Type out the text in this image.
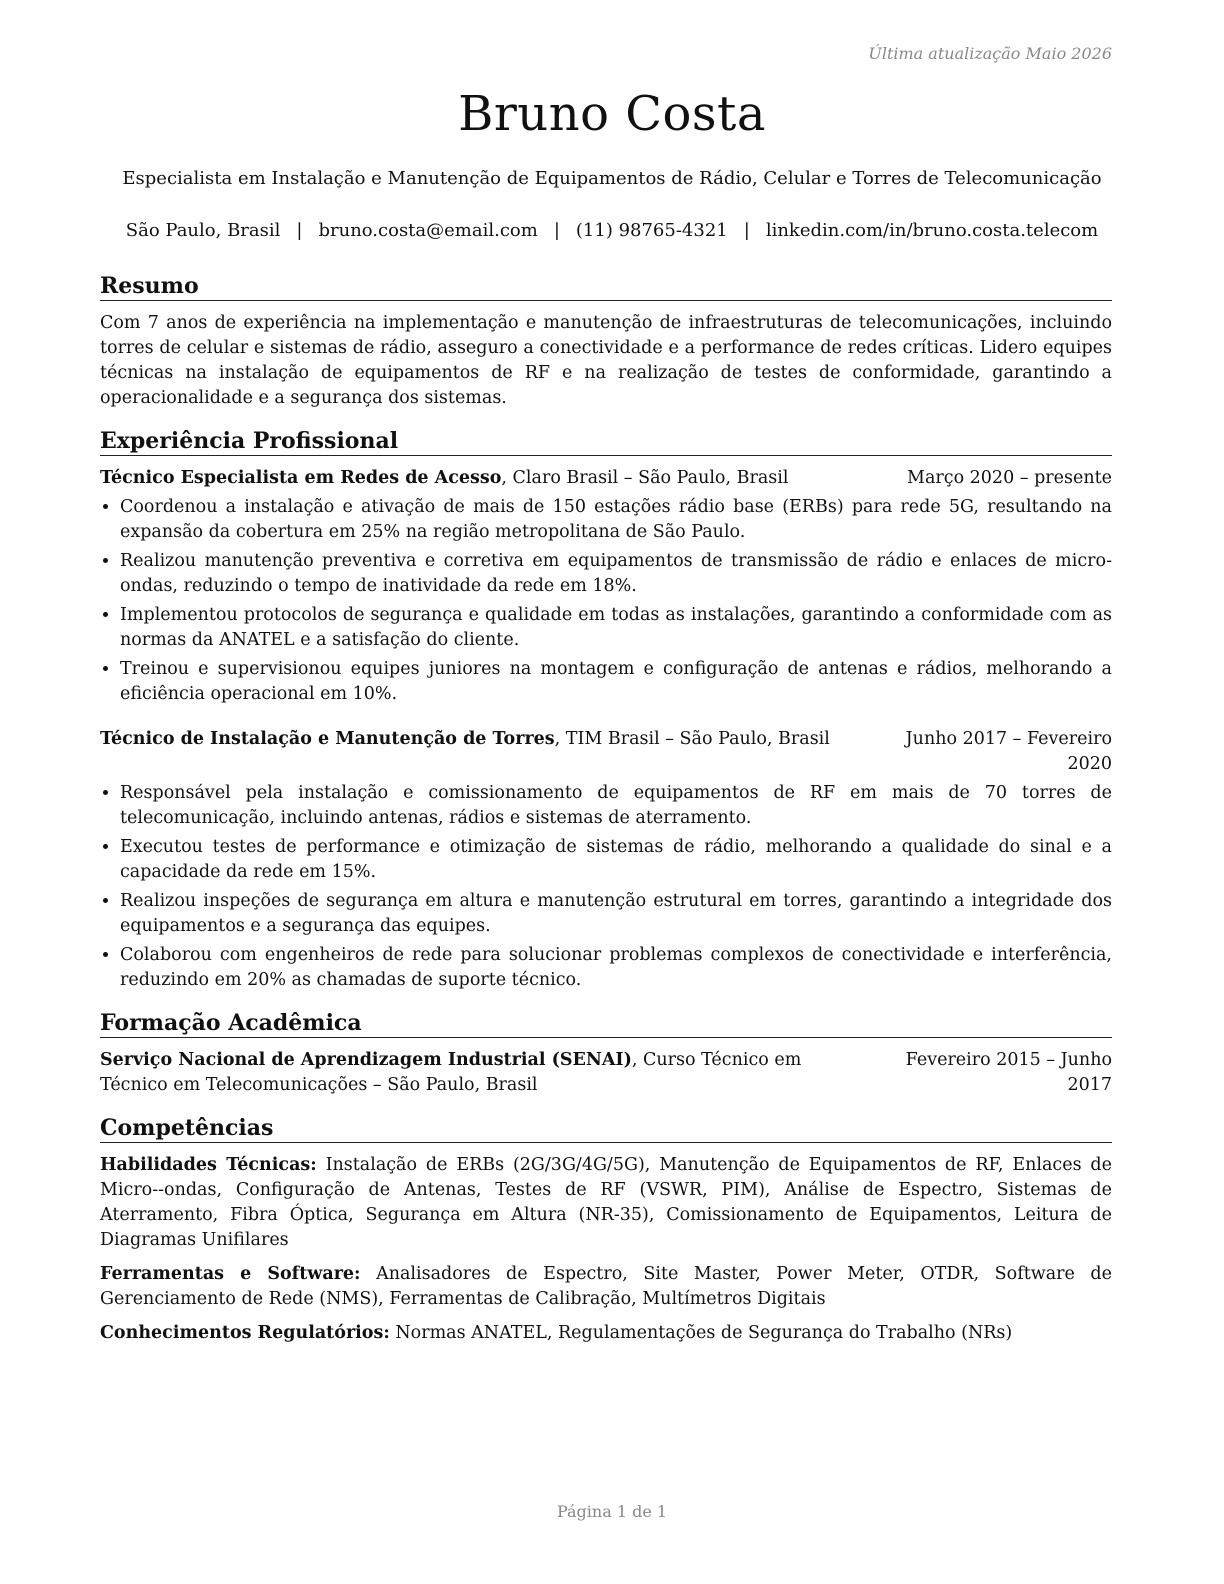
Última atualização Maio 2026
Bruno Costa
Especialista em Instalação e Manutenção de Equipamentos de Rádio, Celular e Torres de Telecomunicação
São Paulo, Brasil | bruno.costa@email.com | (11) 98765-4321 | linkedin.com/in/bruno.costa.telecom
Resumo

Com 7 anos de experiência na implementação e manutenção de infraestruturas de telecomunicações, incluindo torres de celular e sistemas de rádio, asseguro a conectividade e a performance de redes críticas. Lidero equipes técnicas na instalação de equipamentos de RF e na realização de testes de conformidade, garantindo a operacionalidade e a segurança dos sistemas.

Experiência Profissional
Técnico Especialista em Redes de Acesso, Claro Brasil – São Paulo, Brasil	Março 2020 – presente
• Coordenou a instalação e ativação de mais de 150 estações rádio base (ERBs) para rede 5G, resultando na expansão da cobertura em 25% na região metropolitana de São Paulo.
• Realizou manutenção preventiva e corretiva em equipamentos de transmissão de rádio e enlaces de micro-ondas, reduzindo o tempo de inatividade da rede em 18%.
• Implementou protocolos de segurança e qualidade em todas as instalações, garantindo a conformidade com as normas da ANATEL e a satisfação do cliente.
• Treinou e supervisionou equipes juniores na montagem e configuração de antenas e rádios, melhorando a eficiência operacional em 10%.
Técnico de Instalação e Manutenção de Torres, TIM Brasil – São Paulo, Brasil	Junho 2017 – Fevereiro 2020
• Responsável pela instalação e comissionamento de equipamentos de RF em mais de 70 torres de telecomunicação, incluindo antenas, rádios e sistemas de aterramento.
• Executou testes de performance e otimização de sistemas de rádio, melhorando a qualidade do sinal e a capacidade da rede em 15%.
• Realizou inspeções de segurança em altura e manutenção estrutural em torres, garantindo a integridade dos equipamentos e a segurança das equipes.
• Colaborou com engenheiros de rede para solucionar problemas complexos de conectividade e interferência, reduzindo em 20% as chamadas de suporte técnico.
Formação Acadêmica
Serviço Nacional de Aprendizagem Industrial (SENAI), Curso Técnico em Técnico em Telecomunicações – São Paulo, Brasil
Fevereiro 2015 – Junho 2017
Competências
Habilidades Técnicas: Instalação de ERBs (2G/3G/4G/5G), Manutenção de Equipamentos de RF, Enlaces de Micro--ondas, Configuração de Antenas, Testes de RF (VSWR, PIM), Análise de Espectro, Sistemas de Aterramento, Fibra Óptica, Segurança em Altura (NR-35), Comissionamento de Equipamentos, Leitura de Diagramas Unifilares
Ferramentas e Software: Analisadores de Espectro, Site Master, Power Meter, OTDR, Software de Gerenciamento de Rede (NMS), Ferramentas de Calibração, Multímetros Digitais
Conhecimentos Regulatórios: Normas ANATEL, Regulamentações de Segurança do Trabalho (NRs)
Página 1 de 1
